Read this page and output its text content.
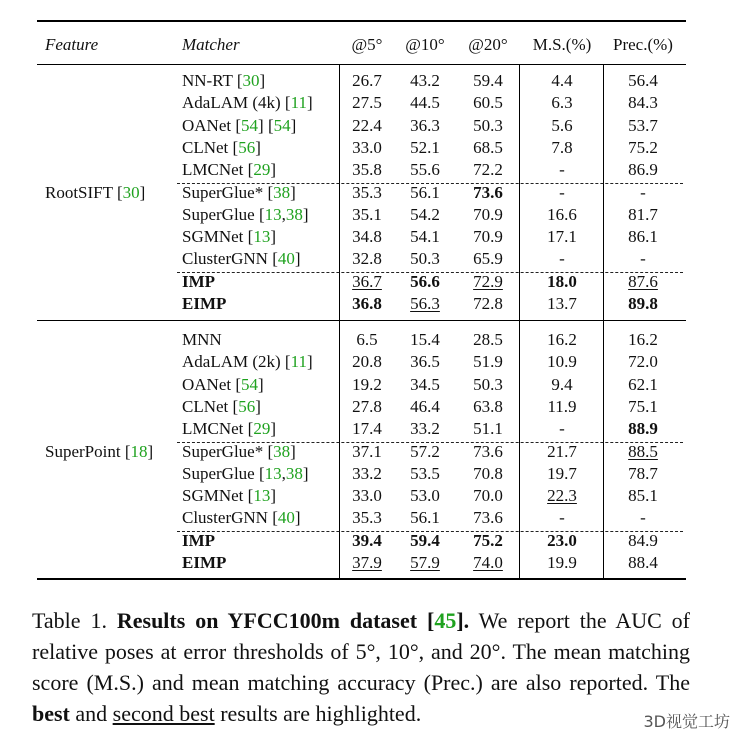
Feature	Matcher	@5°	@10°	@20°	M.S.(%)	Prec.(%)
RootSIFT [30]
NN-RT [30]	26.7	43.2	59.4	4.4	56.4
AdaLAM (4k) [11]	27.5	44.5	60.5	6.3	84.3
OANet [54] [54]	22.4	36.3	50.3	5.6	53.7
CLNet [56]	33.0	52.1	68.5	7.8	75.2
LMCNet [29]	35.8	55.6	72.2	-	86.9
SuperGlue* [38]	35.3	56.1	73.6	-	-
SuperGlue [13,38]	35.1	54.2	70.9	16.6	81.7
SGMNet [13]	34.8	54.1	70.9	17.1	86.1
ClusterGNN [40]	32.8	50.3	65.9	-	-
IMP	36.7	56.6	72.9	18.0	87.6
EIMP	36.8	56.3	72.8	13.7	89.8
SuperPoint [18]
MNN	6.5	15.4	28.5	16.2	16.2
AdaLAM (2k) [11]	20.8	36.5	51.9	10.9	72.0
OANet [54]	19.2	34.5	50.3	9.4	62.1
CLNet [56]	27.8	46.4	63.8	11.9	75.1
LMCNet [29]	17.4	33.2	51.1	-	88.9
SuperGlue* [38]	37.1	57.2	73.6	21.7	88.5
SuperGlue [13,38]	33.2	53.5	70.8	19.7	78.7
SGMNet [13]	33.0	53.0	70.0	22.3	85.1
ClusterGNN [40]	35.3	56.1	73.6	-	-
IMP	39.4	59.4	75.2	23.0	84.9
EIMP	37.9	57.9	74.0	19.9	88.4
Table 1. Results on YFCC100m dataset [45]. We report the AUC of relative poses at error thresholds of 5°, 10°, and 20°. The mean matching score (M.S.) and mean matching accuracy (Prec.) are also reported. The best and second best results are highlighted.	3D视觉工坊
